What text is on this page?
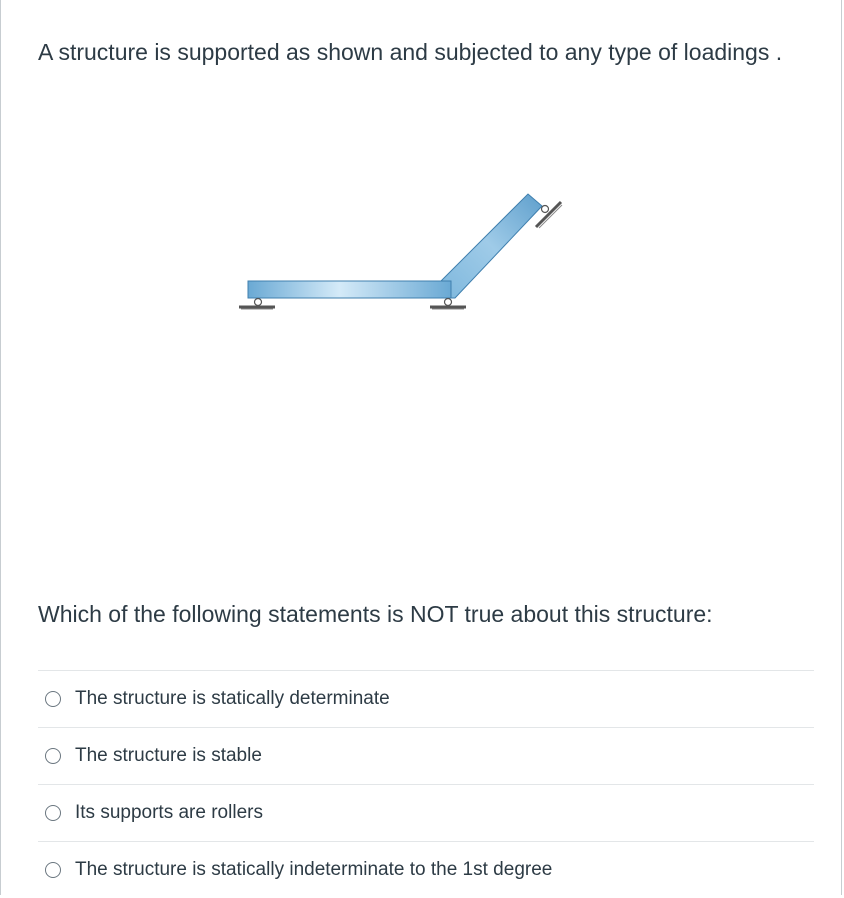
A structure is supported as shown and subjected to any type of loadings .

Which of the following statements is NOT true about this structure:

The structure is statically determinate
The structure is stable
Its supports are rollers
The structure is statically indeterminate to the 1st degree
